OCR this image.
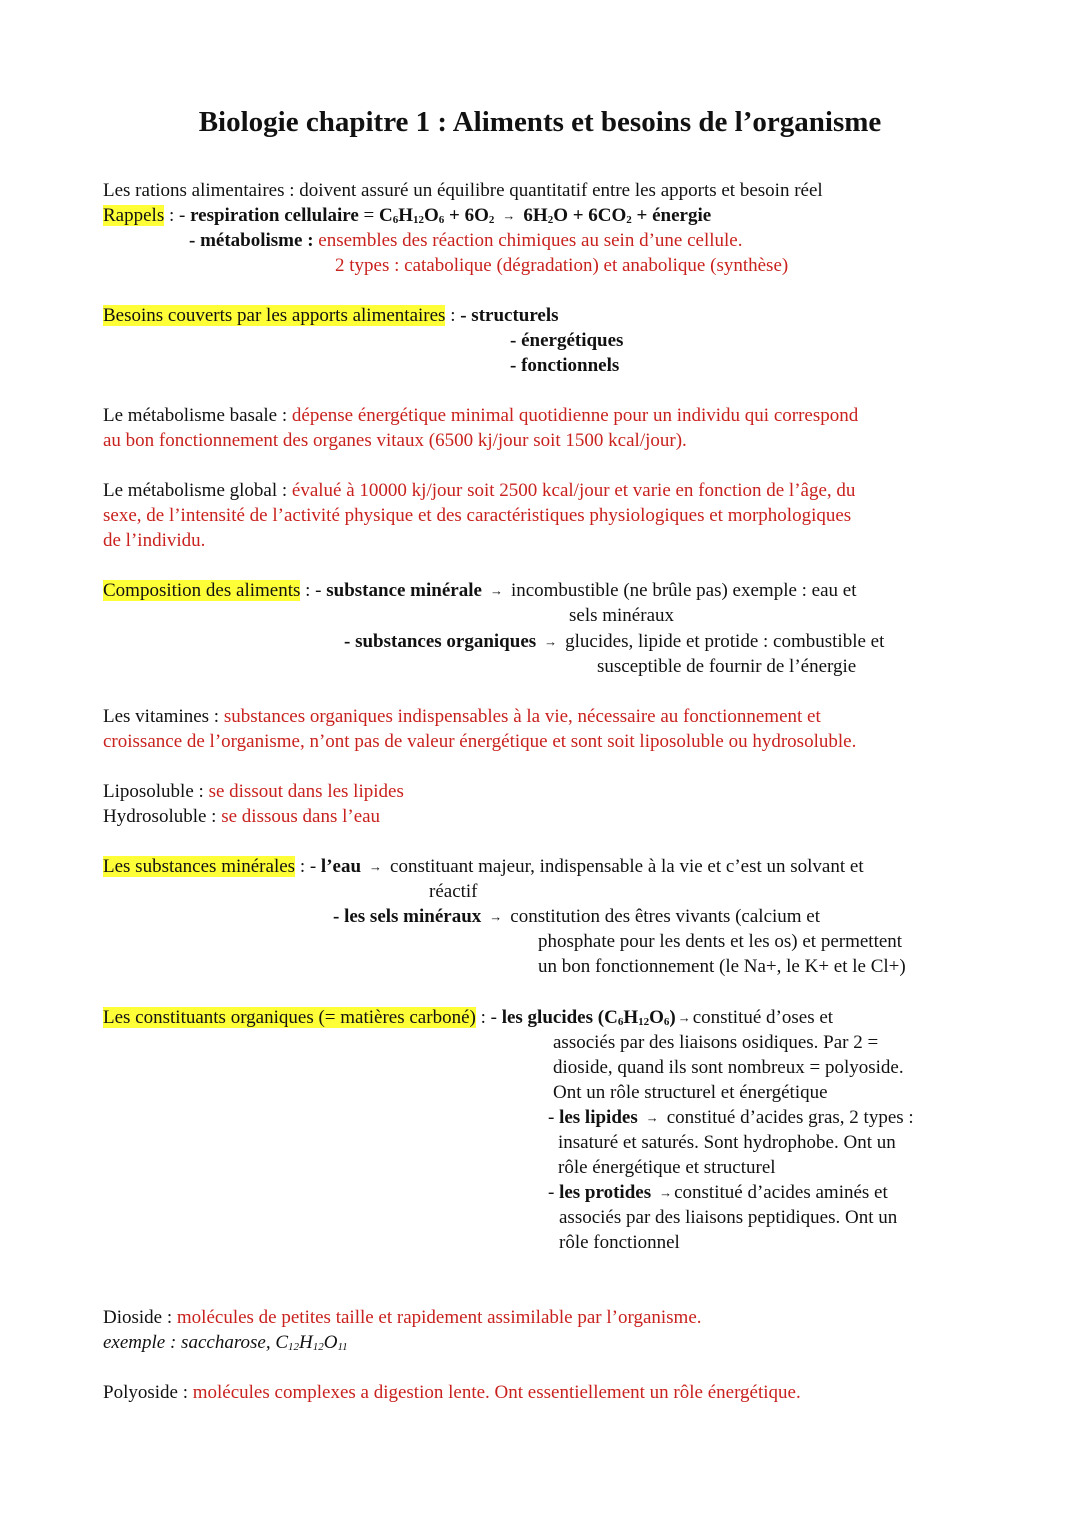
Biologie chapitre 1 : Aliments et besoins de l’organisme
Les rations alimentaires : doivent assuré un équilibre quantitatif entre les apports et besoin réel
Rappels : - respiration cellulaire = $C_6H_{12}O_6 + 6O_2 \to 6H_2O + 6CO_2$ + énergie
- métabolisme : ensembles des réaction chimiques au sein d’une cellule.
2 types : catabolique (dégradation) et anabolique (synthèse)
Besoins couverts par les apports alimentaires : - structurels
- énergétiques
- fonctionnels
Le métabolisme basale : dépense énergétique minimal quotidienne pour un individu qui correspond
au bon fonctionnement des organes vitaux (6500 kj/jour soit 1500 kcal/jour).
Le métabolisme global : évalué à 10000 kj/jour soit 2500 kcal/jour et varie en fonction de l’âge, du
sexe, de l’intensité de l’activité physique et des caractéristiques physiologiques et morphologiques
de l’individu.
Composition des aliments : - substance minérale → incombustible (ne brûle pas) exemple : eau et
sels minéraux
- substances organiques → glucides, lipide et protide : combustible et
susceptible de fournir de l’énergie
Les vitamines : substances organiques indispensables à la vie, nécessaire au fonctionnement et
croissance de l’organisme, n’ont pas de valeur énergétique et sont soit liposoluble ou hydrosoluble.
Liposoluble : se dissout dans les lipides
Hydrosoluble : se dissous dans l’eau
Les substances minérales : - l’eau → constituant majeur, indispensable à la vie et c’est un solvant et
réactif
- les sels minéraux → constitution des êtres vivants (calcium et
phosphate pour les dents et les os) et permettent
un bon fonctionnement (le Na+, le K+ et le Cl+)
Les constituants organiques (= matières carboné) : - les glucides $(C_6H_{12}O_6)$ → constitué d’oses et
associés par des liaisons osidiques. Par 2 =
dioside, quand ils sont nombreux = polyoside.
Ont un rôle structurel et énergétique
- les lipides → constitué d’acides gras, 2 types :
insaturé et saturés. Sont hydrophobe. Ont un
rôle énergétique et structurel
- les protides → constitué d’acides aminés et
associés par des liaisons peptidiques. Ont un
rôle fonctionnel
Dioside : molécules de petites taille et rapidement assimilable par l’organisme.
exemple : saccharose, $C_{12}H_{12}O_{11}$
Polyoside : molécules complexes a digestion lente. Ont essentiellement un rôle énergétique.
